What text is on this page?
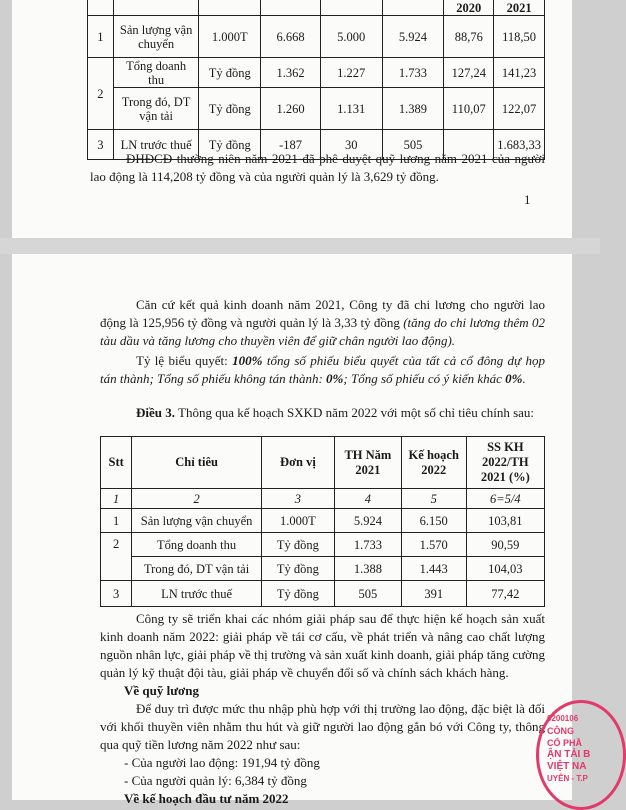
						2020	2021
1	Sản lượng vận chuyển	1.000T	6.668	5.000	5.924	88,76	118,50
2	Tổng doanh thu	Tỷ đồng	1.362	1.227	1.733	127,24	141,23
	Trong đó, DT vận tải	Tỷ đồng	1.260	1.131	1.389	110,07	122,07
3	LN trước thuế	Tỷ đồng	-187	30	505		1.683,33
ĐHĐCĐ thường niên năm 2021 đã phê duyệt quỹ lương năm 2021 của người lao động là 114,208 tỷ đồng và của người quản lý là 3,629 tỷ đồng.
1
Căn cứ kết quả kinh doanh năm 2021, Công ty đã chi lương cho người lao động là 125,956 tỷ đồng và người quản lý là 3,33 tỷ đồng (tăng do chi lương thêm 02 tàu dầu và tăng lương cho thuyền viên để giữ chân người lao động).
Tỷ lệ biểu quyết: 100% tổng số phiếu biểu quyết của tất cả cổ đông dự họp tán thành; Tổng số phiếu không tán thành: 0%; Tổng số phiếu có ý kiến khác 0%.
Điều 3. Thông qua kế hoạch SXKD năm 2022 với một số chỉ tiêu chính sau:
Stt	Chỉ tiêu	Đơn vị	TH Năm 2021	Kế hoạch 2022	SS KH 2022/TH 2021 (%)
1	2	3	4	5	6=5/4
1	Sản lượng vận chuyển	1.000T	5.924	6.150	103,81
2	Tổng doanh thu	Tỷ đồng	1.733	1.570	90,59
	Trong đó, DT vận tải	Tỷ đồng	1.388	1.443	104,03
3	LN trước thuế	Tỷ đồng	505	391	77,42
Công ty sẽ triển khai các nhóm giải pháp sau để thực hiện kế hoạch sản xuất kinh doanh năm 2022: giải pháp về tái cơ cấu, về phát triển và nâng cao chất lượng nguồn nhân lực, giải pháp về thị trường và sản xuất kinh doanh, giải pháp tăng cường quản lý kỹ thuật đội tàu, giải pháp về chuyển đổi số và chính sách khách hàng.
Về quỹ lương
Để duy trì được mức thu nhập phù hợp với thị trường lao động, đặc biệt là đối với khối thuyền viên nhằm thu hút và giữ người lao động gắn bó với Công ty, thông qua quỹ tiền lương năm 2022 như sau:
- Của người lao động: 191,94 tỷ đồng
- Của người quản lý: 6,384 tỷ đồng
Về kế hoạch đầu tư năm 2022
0200106
CÔNG
CỔ PHẦ
ẬN TẢI B
VIỆT NA
UYÊN - T.P
